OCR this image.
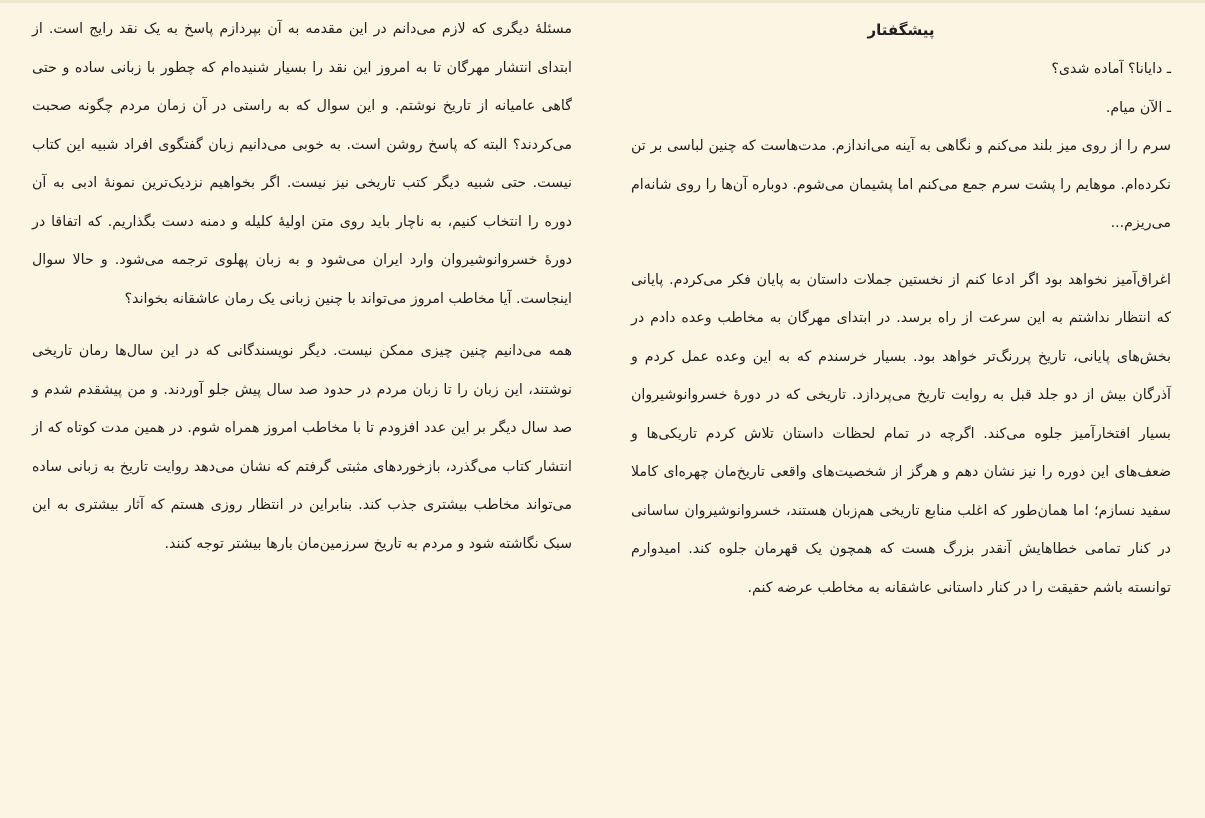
پیشگفتار

ـ دایانا؟ آماده شدی؟

ـ الآن میام.

سرم را از روی میز بلند می‌کنم و نگاهی به آینه می‌اندازم. مدت‌هاست که چنین لباسی بر تن نکرده‌ام. موهایم را پشت سرم جمع می‌کنم اما پشیمان می‌شوم. دوباره آن‌ها را روی شانه‌ام می‌ریزم...

اغراق‌آمیز نخواهد بود اگر ادعا کنم از نخستین جملات داستان به پایان فکر می‌کردم. پایانی که انتظار نداشتم به این سرعت از راه برسد. در ابتدای مهرگان به مخاطب وعده دادم در بخش‌های پایانی، تاریخ پررنگ‌تر خواهد بود. بسیار خرسندم که به این وعده عمل کردم و آذرگان بیش از دو جلد قبل به روایت تاریخ می‌پردازد. تاریخی که در دورهٔ خسروانوشیروان بسیار افتخارآمیز جلوه می‌کند. اگرچه در تمام لحظات داستان تلاش کردم تاریکی‌ها و ضعف‌های این دوره را نیز نشان دهم و هرگز از شخصیت‌های واقعی تاریخ‌مان چهره‌ای کاملا سفید نسازم؛ اما همان‌طور که اغلب منابع تاریخی هم‌زبان هستند، خسروانوشیروان ساسانی در کنار تمامی خطاهایش آنقدر بزرگ هست که همچون یک قهرمان جلوه کند. امیدوارم توانسته باشم حقیقت را در کنار داستانی عاشقانه به مخاطب عرضه کنم.

مسئلهٔ دیگری که لازم می‌دانم در این مقدمه به آن بپردازم پاسخ به یک نقد رایج است. از ابتدای انتشار مهرگان تا به امروز این نقد را بسیار شنیده‌ام که چطور با زبانی ساده و حتی گاهی عامیانه از تاریخ نوشتم. و این سوال که به راستی در آن زمان مردم چگونه صحبت می‌کردند؟ البته که پاسخ روشن است. به خوبی می‌دانیم زبان گفتگوی افراد شبیه این کتاب نیست. حتی شبیه دیگر کتب تاریخی نیز نیست. اگر بخواهیم نزدیک‌ترین نمونهٔ ادبی به آن دوره را انتخاب کنیم، به ناچار باید روی متن اولیهٔ کلیله و دمنه دست بگذاریم. که اتفاقا در دورهٔ خسروانوشیروان وارد ایران می‌شود و به زبان پهلوی ترجمه می‌شود. و حالا سوال اینجاست. آیا مخاطب امروز می‌تواند با چنین زبانی یک رمان عاشقانه بخواند؟

همه می‌دانیم چنین چیزی ممکن نیست. دیگر نویسندگانی که در این سال‌ها رمان تاریخی نوشتند، این زبان را تا زبان مردم در حدود صد سال پیش جلو آوردند. و من پیشقدم شدم و صد سال دیگر بر این عدد افزودم تا با مخاطب امروز همراه شوم. در همین مدت کوتاه که از انتشار کتاب می‌گذرد، بازخوردهای مثبتی گرفتم که نشان می‌دهد روایت تاریخ به زبانی ساده می‌تواند مخاطب بیشتری جذب کند. بنابراین در انتظار روزی هستم که آثار بیشتری به این سبک نگاشته شود و مردم به تاریخ سرزمین‌مان بارها بیشتر توجه کنند.
